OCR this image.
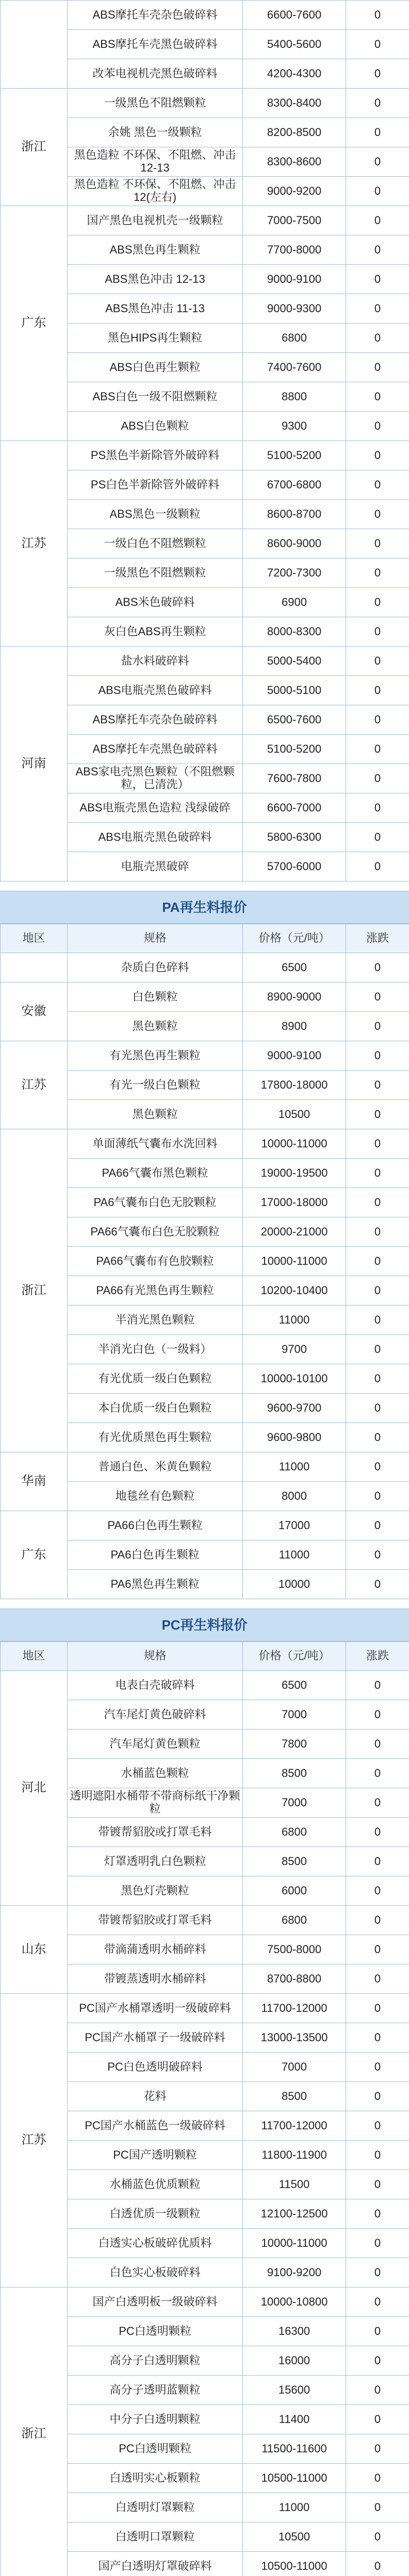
	ABS摩托车壳杂色破碎料	6600-7600	0
	ABS摩托车壳黑色破碎料	5400-5600	0
	改苯电视机壳黑色破碎料	4200-4300	0
浙江	一级黑色不阻燃颗粒	8300-8400	0
	余姚 黑色一级颗粒	8200-8500	0
	黑色造粒 不环保、不阻燃、冲击12-13	8300-8600	0
	黑色造粒 不环保、不阻燃、冲击12(左右)	9000-9200	0
广东	国产黑色电视机壳一级颗粒	7000-7500	0
	ABS黑色再生颗粒	7700-8000	0
	ABS黑色冲击 12-13	9000-9100	0
	ABS黑色冲击 11-13	9000-9300	0
	黑色HIPS再生颗粒	6800	0
	ABS白色再生颗粒	7400-7600	0
	ABS白色一级不阻燃颗粒	8800	0
	ABS白色颗粒	9300	0
江苏	PS黑色半新除管外破碎料	5100-5200	0
	PS白色半新除管外破碎料	6700-6800	0
	ABS黑色一级颗粒	8600-8700	0
	一级白色不阻燃颗粒	8600-9000	0
	一级黑色不阻燃颗粒	7200-7300	0
	ABS米色破碎料	6900	0
	灰白色ABS再生颗粒	8000-8300	0
河南	盐水料破碎料	5000-5400	0
	ABS电瓶壳黑色破碎料	5000-5100	0
	ABS摩托车壳杂色破碎料	6500-7600	0
	ABS摩托车壳黑色破碎料	5100-5200	0
	ABS家电壳黑色颗粒（不阻燃颗粒，已清洗）	7600-7800	0
	ABS电瓶壳黑色造粒 浅绿破碎	6600-7000	0
	ABS电瓶壳黑色破碎料	5800-6300	0
	电瓶壳黑破碎	5700-6000	0
PA再生料报价
地区	规格	价格（元/吨）	涨跌
	杂质白色碎料	6500	0
安徽	白色颗粒	8900-9000	0
	黑色颗粒	8900	0
江苏	有光黑色再生颗粒	9000-9100	0
	有光一级白色颗粒	17800-18000	0
	黑色颗粒	10500	0
浙江	单面薄纸气囊布水洗回料	10000-11000	0
	PA66气囊布黑色颗粒	19000-19500	0
	PA6气囊布白色无胶颗粒	17000-18000	0
	PA66气囊布白色无胶颗粒	20000-21000	0
	PA66气囊布有色胶颗粒	10000-11000	0
	PA66有光黑色再生颗粒	10200-10400	0
	半消光黑色颗粒	11000	0
	半消光白色（一级料）	9700	0
	有光优质一级白色颗粒	10000-10100	0
	本白优质一级白色颗粒	9600-9700	0
	有光优质黑色再生颗粒	9600-9800	0
华南	普通白色、米黄色颗粒	11000	0
	地毯丝有色颗粒	8000	0
广东	PA66白色再生颗粒	17000	0
	PA6白色再生颗粒	11000	0
	PA6黑色再生颗粒	10000	0
PC再生料报价
地区	规格	价格（元/吨）	涨跌
河北	电表白壳破碎料	6500	0
	汽车尾灯黄色破碎料	7000	0
	汽车尾灯黄色颗粒	7800	0
	水桶蓝色颗粒	8500	0
	透明遮阳水桶带不带商标纸干净颗粒	7000	0
	带镀帮貂胶或打罩毛料	6800	0
	灯罩透明乳白色颗粒	8500	0
	黑色灯壳颗粒	6000	0
山东	带镀帮貂胶或打罩毛料	6800	0
	带滴蒲透明水桶碎料	7500-8000	0
	带镀蒸透明水桶碎料	8700-8800	0
江苏	PC国产水桶罩透明一级破碎料	11700-12000	0
	PC国产水桶罩子一级破碎料	13000-13500	0
	PC白色透明破碎料	7000	0
	花料	8500	0
	PC国产水桶蓝色一级破碎料	11700-12000	0
	PC国产透明颗粒	11800-11900	0
	水桶蓝色优质颗粒	11500	0
	白透优质一级颗粒	12100-12500	0
	白透实心板破碎优质料	10000-11000	0
	白色实心板破碎料	9100-9200	0
浙江	国产白透明板一级破碎料	10000-10800	0
	PC白透明颗粒	16300	0
	高分子白透明颗粒	16000	0
	高分子透明蓝颗粒	15600	0
	中分子白透明颗粒	11400	0
	PC白透明颗粒	11500-11600	0
	白透明实心板颗粒	10500-11000	0
	白透明灯罩颗粒	11000	0
	白透明口罩颗粒	10500	0
	国产白透明灯罩破碎料	10500-11000	0
